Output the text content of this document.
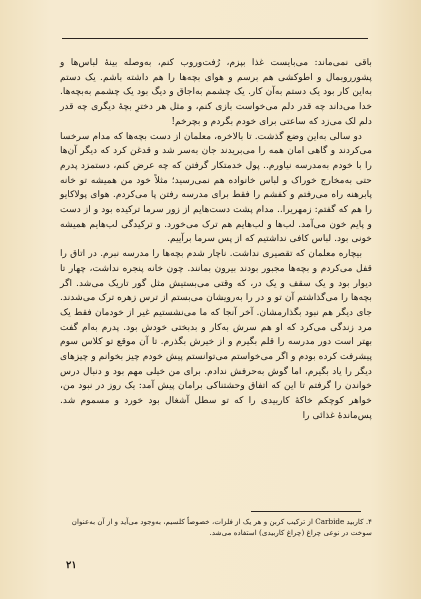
باقی نمی‌ماند: می‌بایست غذا بپزم، رُفت‌وروب کنم، به‌وصله بینهٔ لباس‌ها و پشورروبمال و اطوکشی هم برسم و هوای بچه‌ها را هم داشته باشم. یک دستم به‌این کار بود یک دستم به‌آن کار. یک چشمم به‌اجاق و دیگ بود یک چشمم به‌بچه‌ها. خدا می‌داند چه قدر دلم می‌خواست بازی کنم، و مثل هر دخترِ بچهٔ دیگری چه قدر دلم لک می‌زد که ساعتی برای خودم بگردم و بچرخم!

دو سالی به‌این وضع گذشت. تا بالاخره، معلمان از دست بچه‌ها که مدام سرخسا می‌کردند و گاهی امان همه را می‌بریدند جان به‌سر شد و قدغن کرد که دیگر آن‌ها را با خودم به‌مدرسه نیاورم.. پول خدمتکار گرفتن که چه عرض کنم، دستمزد پدرم حتی به‌مخارج خوراک و لباس خانواده هم نمی‌رسید؛ مثلاً خود من همیشه تو خانه پابرهنه راه می‌رفتم و کفشم را فقط برای مدرسه رفتن پا می‌کردم. هوای پولاکایو را هم که گفتم: زمهریرا.. مدام پشت دست‌هایم از زور سرما ترکیده بود و از دست و پایم خون می‌آمد. لب‌ها و لب‌هایم هم ترک می‌خورد. و ترکیدگی لب‌هایم همیشه خونی بود. لباس کافی نداشتیم که از پس سرما برآییم.

بیچاره معلمان که تقصیری نداشت. ناچار شدم بچه‌ها را مدرسه نبرم. در اتاق را قفل می‌کردم و بچه‌ها مجبور بودند بیرون بمانند. چون خانه پنجره نداشت، چهار تا دیوار بود و یک سقف و یک در، که وقتی می‌بستیش مثل گور تاریک می‌شد. اگر بچه‌ها را می‌گذاشتم آن تو و در را به‌رویشان می‌بستم از ترس زهره ترک می‌شدند. جای دیگر هم نبود بگذارمشان. آخر آنجا که ما می‌نشستیم غیر از خودمان فقط یک مرد زندگی می‌کرد که او هم سرش به‌کار و بدبختی خودش بود. پدرم به‌ام گفت بهتر است دور مدرسه را قلم بگیرم و از خیرش بگذرم. تا آن موقع تو کلاس سوم پیشرفت کرده بودم و اگر می‌خواستم می‌توانستم پیش خودم چیز بخوانم و چیزهای دیگر را یاد بگیرم، اما گوش به‌حرفش ندادم. برای من خیلی مهم بود و دنبال درس خواندن را گرفتم تا این که اتفاق وحشتناکی برامان پیش آمد: یک روز در نبود من، خواهر کوچکم خاکهٔ کاربیدی را که تو سطل آشغال بود خورد و مسموم شد. پس‌ماندهٔ غذائی را

۴. کاربید Carbide از ترکیب کربن و هر یک از فلزات، خصوصاً کلسیم، به‌وجود می‌آید و از آن به‌عنوان سوخت در نوعی چراغ (چراغ کاربیدی) استفاده می‌شد.
۲۱
